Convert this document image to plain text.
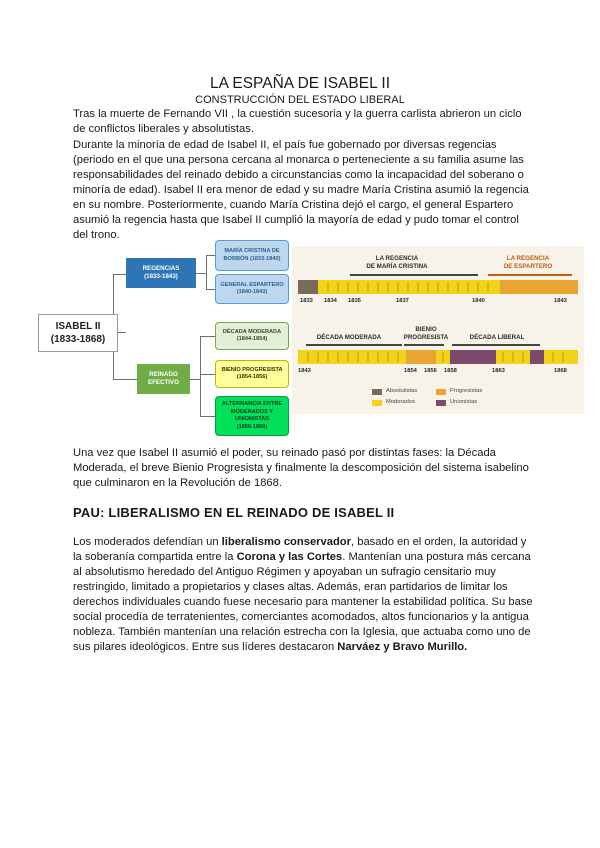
LA ESPAÑA DE ISABEL II
CONSTRUCCIÓN DEL ESTADO LIBERAL

Tras la muerte de Fernando VII , la cuestión sucesoria y la guerra carlista abrieron un ciclo de conflictos liberales y absolutistas.

Durante la minoría de edad de Isabel II, el país fue gobernado por diversas regencias (periodo en el que una persona cercana al monarca o perteneciente a su familia asume las responsabilidades del reinado debido a circunstancias como la incapacidad del soberano o minoría de edad). Isabel II era menor de edad y su madre María Cristina asumió la regencia en su nombre. Posteriormente, cuando María Cristina dejó el cargo, el general Espartero asumió la regencia hasta que Isabel II cumplió la mayoría de edad y pudo tomar el control del trono.

ISABEL II
(1833-1868)
REGENCIAS
(1833-1843)
REINADO
EFECTIVO
MARÍA CRISTINA DE
BORBÓN (1833-1840)
GENERAL ESPARTERO
(1840-1843)
DÉCADA MODERADA
(1844-1854)
BIENIO PROGRESISTA
(1854-1856)
ALTERNANCIA ENTRE
MODERADOS Y
UNIONISTAS
(1856-1868)
LA REGENCIA
DE MARÍA CRISTINA
LA REGENCIA
DE ESPARTERO
1833 1834 1835	1837	1840	1843
DÉCADA MODERADA
BIENIO
PROGRESISTA	DÉCADA LIBERAL
1843	1854 1856 1858	1863	1868
Absolutistas	Progresistas
Moderados	Unionistas

Una vez que Isabel II asumió el poder, su reinado pasó por distintas fases: la Década Moderada, el breve Bienio Progresista y finalmente la descomposición del sistema isabelino que culminaron en la Revolución de 1868.

PAU: LIBERALISMO EN EL REINADO DE ISABEL II

Los moderados defendían un liberalismo conservador, basado en el orden, la autoridad y la soberanía compartida entre la Corona y las Cortes. Mantenían una postura más cercana al absolutismo heredado del Antiguo Régimen y apoyaban un sufragio censitario muy restringido, limitado a propietarios y clases altas. Además, eran partidarios de limitar los derechos individuales cuando fuese necesario para mantener la estabilidad política. Su base social procedía de terratenientes, comerciantes acomodados, altos funcionarios y la antigua nobleza. También mantenían una relación estrecha con la Iglesia, que actuaba como uno de sus pilares ideológicos. Entre sus líderes destacaron Narváez y Bravo Murillo.
